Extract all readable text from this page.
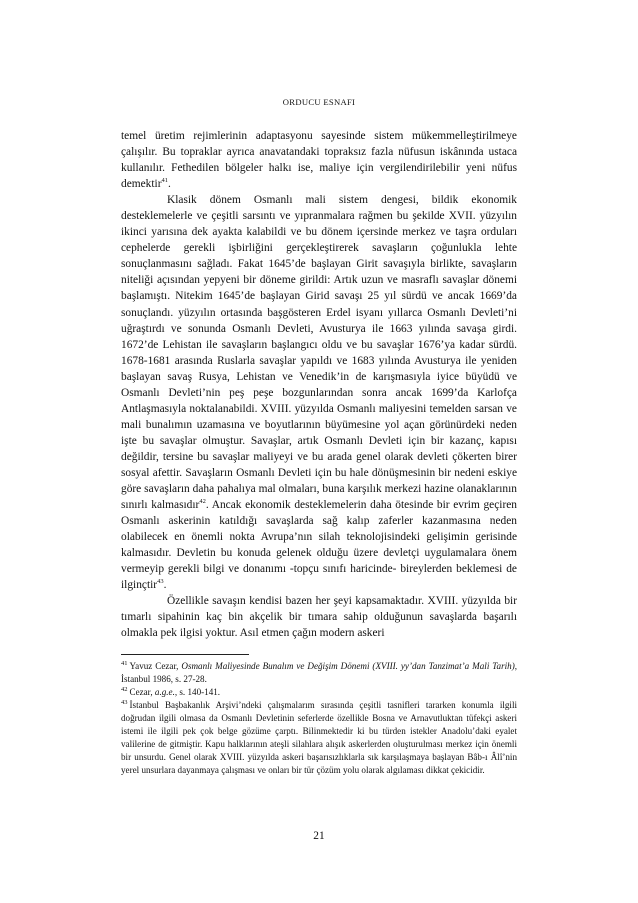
ORDUCU ESNAFI

temel üretim rejimlerinin adaptasyonu sayesinde sistem mükemmelleştirilmeye çalışılır. Bu topraklar ayrıca anavatandaki topraksız fazla nüfusun iskânında ustaca kullanılır. Fethedilen bölgeler halkı ise, maliye için vergilendirilebilir yeni nüfus demektir$^{41}$.

Klasik dönem Osmanlı mali sistem dengesi, bildik ekonomik desteklemelerle ve çeşitli sarsıntı ve yıpranmalara rağmen bu şekilde XVII. yüzyılın ikinci yarısına dek ayakta kalabildi ve bu dönem içersinde merkez ve taşra orduları cephelerde gerekli işbirliğini gerçekleştirerek savaşların çoğunlukla lehte sonuçlanmasını sağladı. Fakat 1645’de başlayan Girit savaşıyla birlikte, savaşların niteliği açısından yepyeni bir döneme girildi: Artık uzun ve masraflı savaşlar dönemi başlamıştı. Nitekim 1645’de başlayan Girid savaşı 25 yıl sürdü ve ancak 1669’da sonuçlandı. yüzyılın ortasında başgösteren Erdel isyanı yıllarca Osmanlı Devleti’ni uğraştırdı ve sonunda Osmanlı Devleti, Avusturya ile 1663 yılında savaşa girdi. 1672’de Lehistan ile savaşların başlangıcı oldu ve bu savaşlar 1676’ya kadar sürdü. 1678-1681 arasında Ruslarla savaşlar yapıldı ve 1683 yılında Avusturya ile yeniden başlayan savaş Rusya, Lehistan ve Venedik’in de karışmasıyla iyice büyüdü ve Osmanlı Devleti’nin peş peşe bozgunlarından sonra ancak 1699’da Karlofça Antlaşmasıyla noktalanabildi. XVIII. yüzyılda Osmanlı maliyesini temelden sarsan ve mali bunalımın uzamasına ve boyutlarının büyümesine yol açan görünürdeki neden işte bu savaşlar olmuştur. Savaşlar, artık Osmanlı Devleti için bir kazanç, kapısı değildir, tersine bu savaşlar maliyeyi ve bu arada genel olarak devleti çökerten birer sosyal afettir. Savaşların Osmanlı Devleti için bu hale dönüşmesinin bir nedeni eskiye göre savaşların daha pahalıya mal olmaları, buna karşılık merkezi hazine olanaklarının sınırlı kalmasıdır$^{42}$. Ancak ekonomik desteklemelerin daha ötesinde bir evrim geçiren Osmanlı askerinin katıldığı savaşlarda sağ kalıp zaferler kazanmasına neden olabilecek en önemli nokta Avrupa’nın silah teknolojisindeki gelişimin gerisinde kalmasıdır. Devletin bu konuda gelenek olduğu üzere devletçi uygulamalara önem vermeyip gerekli bilgi ve donanımı -topçu sınıfı haricinde- bireylerden beklemesi de ilginçtir$^{43}$.

Özellikle savaşın kendisi bazen her şeyi kapsamaktadır. XVIII. yüzyılda bir tımarlı sipahinin kaç bin akçelik bir tımara sahip olduğunun savaşlarda başarılı olmakla pek ilgisi yoktur. Asıl etmen çağın modern askeri

$^{41}$ Yavuz Cezar, Osmanlı Maliyesinde Bunalım ve Değişim Dönemi (XVIII. yy’dan Tanzimat’a Mali Tarih), İstanbul 1986, s. 27-28.

$^{42}$ Cezar, a.g.e., s. 140-141.

$^{43}$ İstanbul Başbakanlık Arşivi’ndeki çalışmalarım sırasında çeşitli tasnifleri tararken konumla ilgili doğrudan ilgili olmasa da Osmanlı Devletinin seferlerde özellikle Bosna ve Arnavutluktan tüfekçi askeri istemi ile ilgili pek çok belge gözüme çarptı. Bilinmektedir ki bu türden istekler Anadolu’daki eyalet valilerine de gitmiştir. Kapu halklarının ateşli silahlara alışık askerlerden oluşturulması merkez için önemli bir unsurdu. Genel olarak XVIII. yüzyılda askeri başarısızlıklarla sık karşılaşmaya başlayan Bâb-ı Âlî’nin yerel unsurlara dayanmaya çalışması ve onları bir tür çözüm yolu olarak algılaması dikkat çekicidir.

21
